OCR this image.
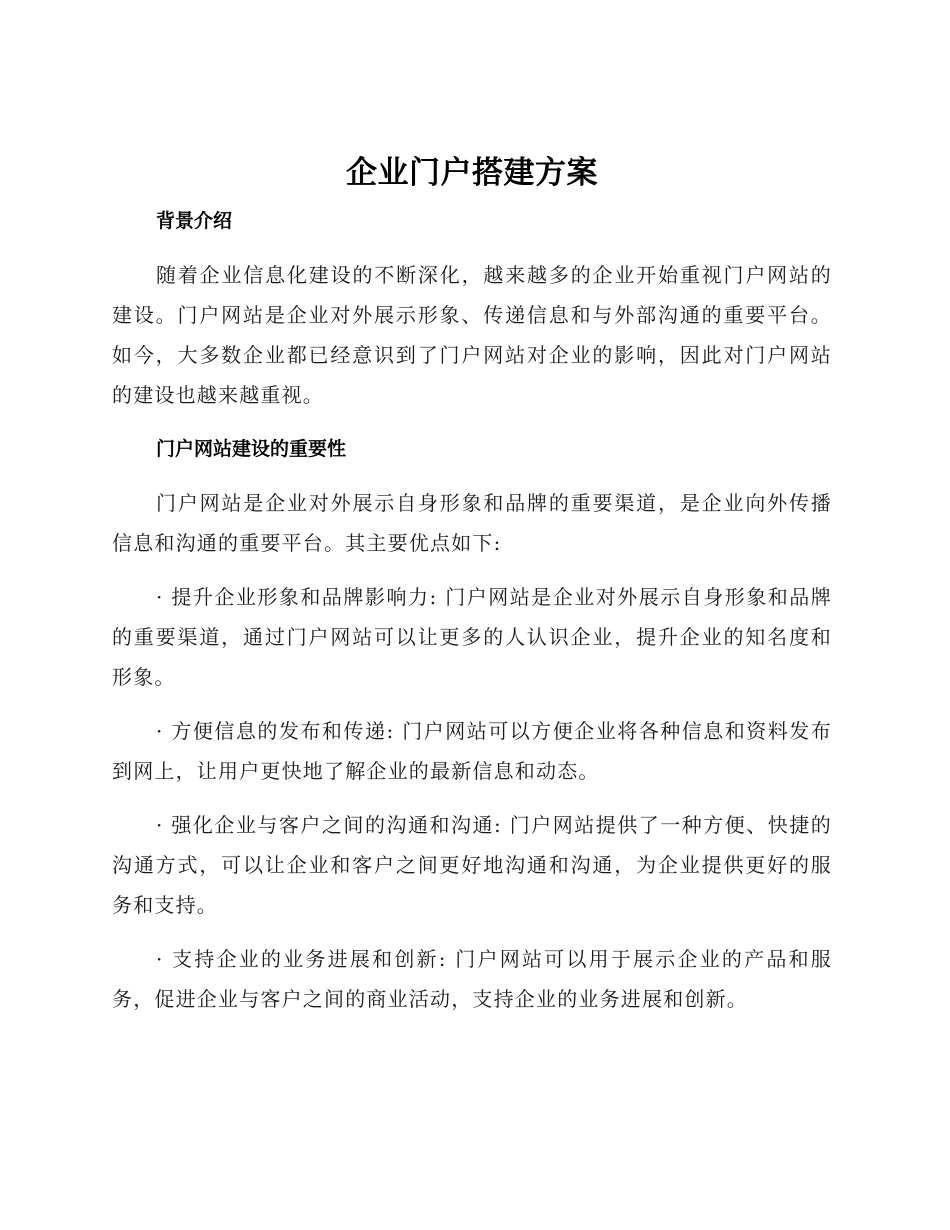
企业门户搭建方案
背景介绍

随着企业信息化建设的不断深化，越来越多的企业开始重视门户网站的建设。门户网站是企业对外展示形象、传递信息和与外部沟通的重要平台。如今，大多数企业都已经意识到了门户网站对企业的影响，因此对门户网站的建设也越来越重视。

门户网站建设的重要性

门户网站是企业对外展示自身形象和品牌的重要渠道，是企业向外传播信息和沟通的重要平台。其主要优点如下:

· 提升企业形象和品牌影响力: 门户网站是企业对外展示自身形象和品牌的重要渠道，通过门户网站可以让更多的人认识企业，提升企业的知名度和形象。

· 方便信息的发布和传递: 门户网站可以方便企业将各种信息和资料发布到网上，让用户更快地了解企业的最新信息和动态。

· 强化企业与客户之间的沟通和沟通: 门户网站提供了一种方便、快捷的沟通方式，可以让企业和客户之间更好地沟通和沟通，为企业提供更好的服务和支持。

· 支持企业的业务进展和创新: 门户网站可以用于展示企业的产品和服务，促进企业与客户之间的商业活动，支持企业的业务进展和创新。
